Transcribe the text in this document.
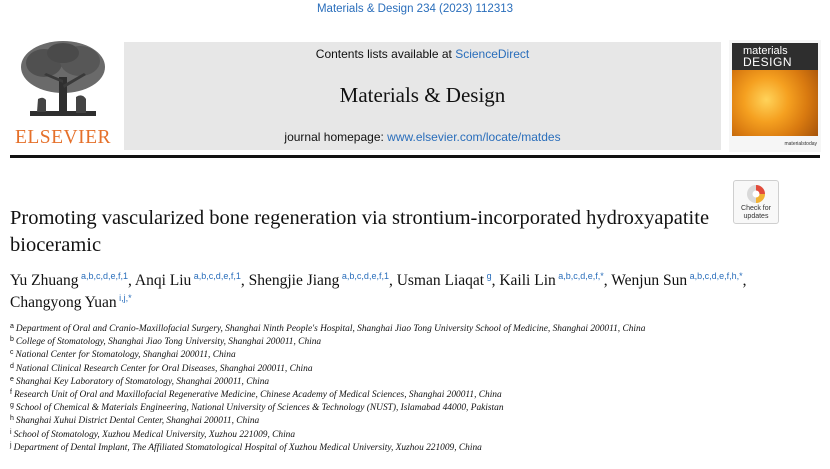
Materials & Design 234 (2023) 112313
ELSEVIER
Contents lists available at ScienceDirect
Materials & Design
journal homepage: www.elsevier.com/locate/matdes
materials
DESIGN
materialstoday
Check for
updates
Promoting vascularized bone regeneration via strontium-incorporated hydroxyapatite bioceramic
Yu Zhuang $^{a,b,c,d,e,f,1}$, Anqi Liu $^{a,b,c,d,e,f,1}$, Shengjie Jiang $^{a,b,c,d,e,f,1}$, Usman Liaqat $^g$, Kaili Lin $^{a,b,c,d,e,f,*}$, Wenjun Sun $^{a,b,c,d,e,f,h,*}$, Changyong Yuan $^{i,j,*}$
$^a$ Department of Oral and Cranio-Maxillofacial Surgery, Shanghai Ninth People's Hospital, Shanghai Jiao Tong University School of Medicine, Shanghai 200011, China
$^b$ College of Stomatology, Shanghai Jiao Tong University, Shanghai 200011, China
$^c$ National Center for Stomatology, Shanghai 200011, China
$^d$ National Clinical Research Center for Oral Diseases, Shanghai 200011, China
$^e$ Shanghai Key Laboratory of Stomatology, Shanghai 200011, China
$^f$ Research Unit of Oral and Maxillofacial Regenerative Medicine, Chinese Academy of Medical Sciences, Shanghai 200011, China
$^g$ School of Chemical & Materials Engineering, National University of Sciences & Technology (NUST), Islamabad 44000, Pakistan
$^h$ Shanghai Xuhui District Dental Center, Shanghai 200011, China
$^i$ School of Stomatology, Xuzhou Medical University, Xuzhou 221009, China
$^j$ Department of Dental Implant, The Affiliated Stomatological Hospital of Xuzhou Medical University, Xuzhou 221009, China
